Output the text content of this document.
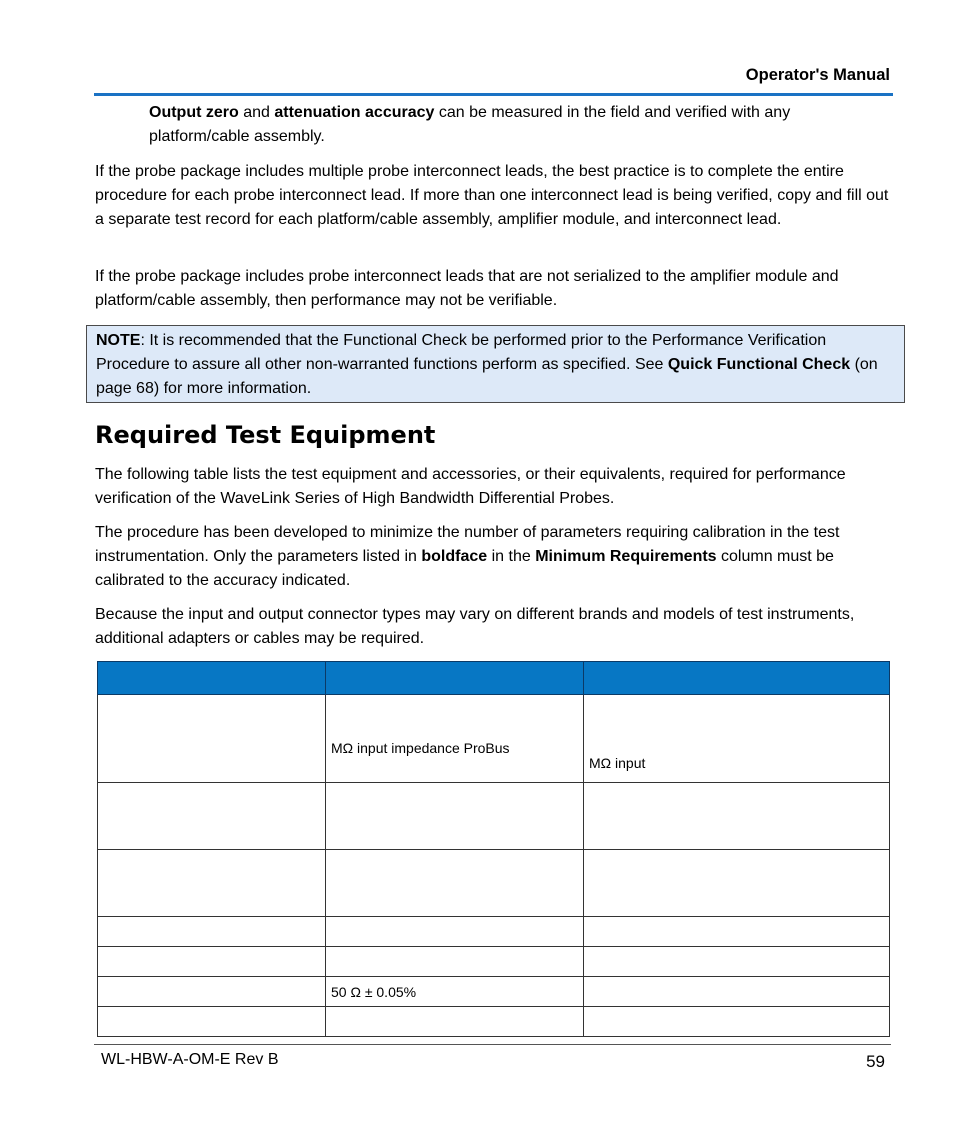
Operator's Manual
Output zero and attenuation accuracy can be measured in the field and verified with any platform/cable assembly.
If the probe package includes multiple probe interconnect leads, the best practice is to complete the entire procedure for each probe interconnect lead. If more than one interconnect lead is being verified, copy and fill out a separate test record for each platform/cable assembly, amplifier module, and interconnect lead.
If the probe package includes probe interconnect leads that are not serialized to the amplifier module and platform/cable assembly, then performance may not be verifiable.
NOTE: It is recommended that the Functional Check be performed prior to the Performance Verification Procedure to assure all other non-warranted functions perform as specified. See Quick Functional Check (on page 68) for more information.
Required Test Equipment
The following table lists the test equipment and accessories, or their equivalents, required for performance verification of the WaveLink Series of High Bandwidth Differential Probes.
The procedure has been developed to minimize the number of parameters requiring calibration in the test instrumentation. Only the parameters listed in boldface in the Minimum Requirements column must be calibrated to the accuracy indicated.
Because the input and output connector types may vary on different brands and models of test instruments, additional adapters or cables may be required.

	MΩ input impedance ProBus	MΩ input

	50 Ω ± 0.05%	

WL-HBW-A-OM-E Rev B	59
